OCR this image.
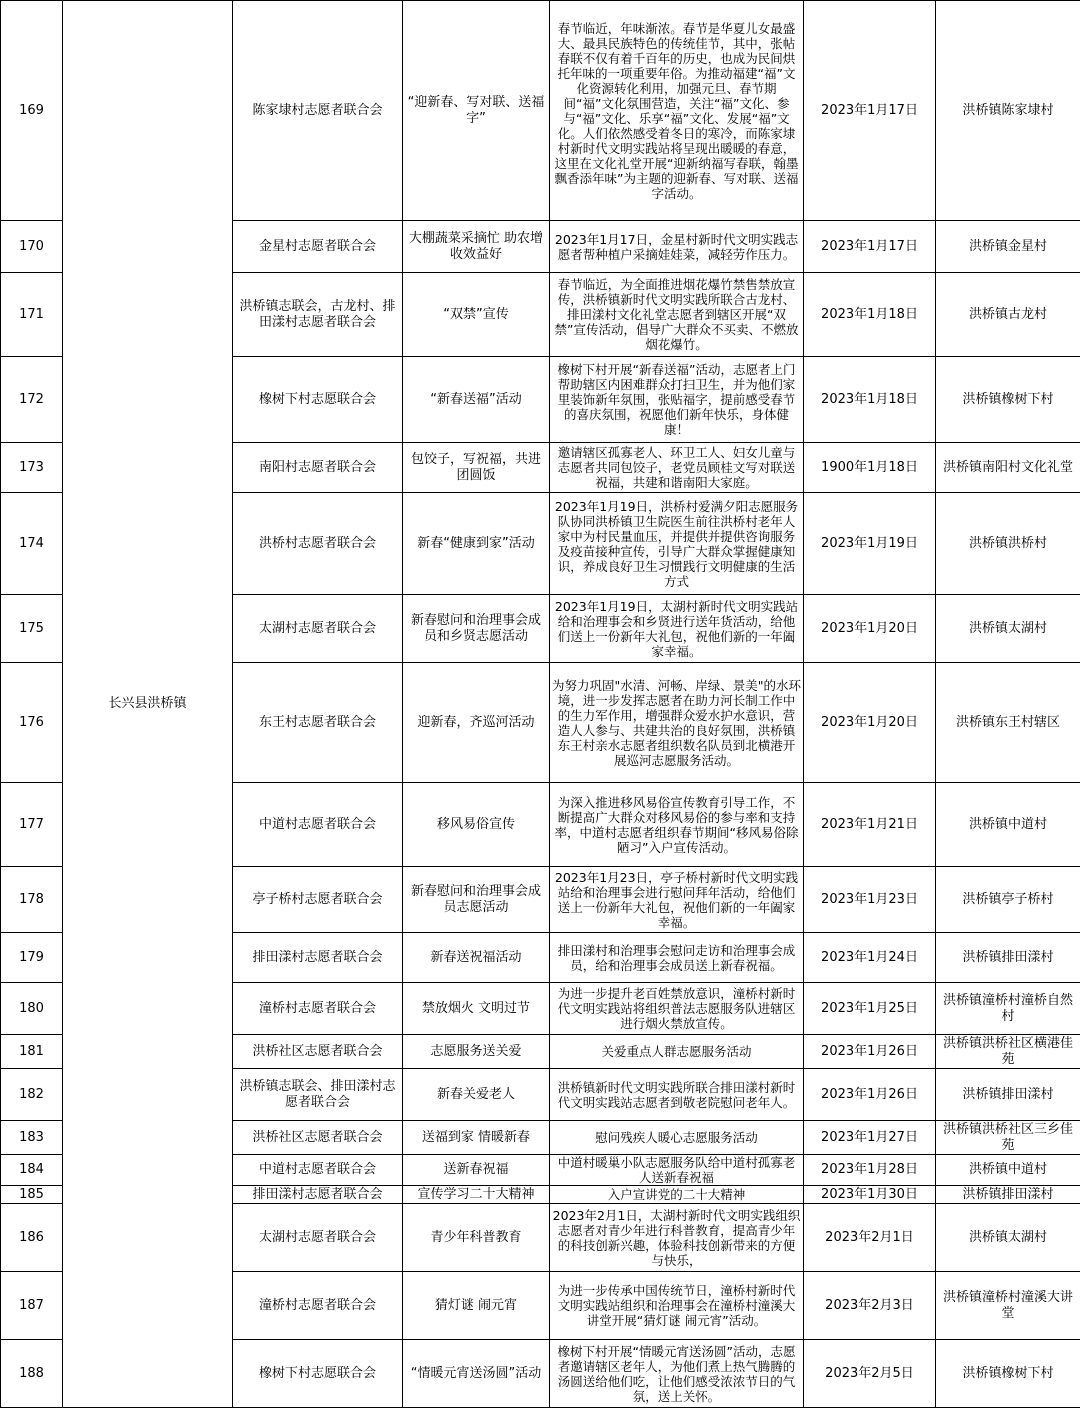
169	长兴县洪桥镇	陈家埭村志愿者联合会	“迎新春、写对联、送福字”	春节临近，年味渐浓。春节是华夏儿女最盛大、最具民族特色的传统佳节，其中，张帖春联不仅有着千百年的历史，也成为民间烘托年味的一项重要年俗。为推动福建“福”文化资源转化利用，加强元旦、春节期间“福”文化氛围营造，关注“福”文化、参与“福”文化、乐享“福”文化、发展“福”文化。人们依然感受着冬日的寒冷，而陈家埭村新时代文明实践站将呈现出暖暖的春意，这里在文化礼堂开展“迎新纳福写春联，翰墨飘香添年味”为主题的迎新春、写对联、送福字活动。	2023年1月17日	洪桥镇陈家埭村
170		金星村志愿者联合会	大棚蔬菜采摘忙 助农增收效益好	2023年1月17日，金星村新时代文明实践志愿者帮种植户采摘娃娃菜，减轻劳作压力。	2023年1月17日	洪桥镇金星村
171		洪桥镇志联会，古龙村、排田漾村志愿者联合会	“双禁”宣传	春节临近，为全面推进烟花爆竹禁售禁放宣传，洪桥镇新时代文明实践所联合古龙村、排田漾村文化礼堂志愿者到辖区开展“双禁”宣传活动，倡导广大群众不买卖、不燃放烟花爆竹。	2023年1月18日	洪桥镇古龙村
172		橡树下村志愿联合会	“新春送福”活动	橡树下村开展“新春送福”活动，志愿者上门帮助辖区内困难群众打扫卫生，并为他们家里装饰新年氛围，张贴福字，提前感受春节的喜庆氛围，祝愿他们新年快乐，身体健康！	2023年1月18日	洪桥镇橡树下村
173		南阳村志愿者联合会	包饺子，写祝福，共进团圆饭	邀请辖区孤寡老人、环卫工人、妇女儿童与志愿者共同包饺子，老党员顾桂文写对联送祝福，共建和谐南阳大家庭。	1900年1月18日	洪桥镇南阳村文化礼堂
174		洪桥村志愿者联合会	新春“健康到家”活动	2023年1月19日，洪桥村爱满夕阳志愿服务队协同洪桥镇卫生院医生前往洪桥村老年人家中为村民量血压，并提供并提供咨询服务及疫苗接种宣传，引导广大群众掌握健康知识，养成良好卫生习惯践行文明健康的生活方式	2023年1月19日	洪桥镇洪桥村
175		太湖村志愿者联合会	新春慰问和治理事会成员和乡贤志愿活动	2023年1月19日，太湖村新时代文明实践站给和治理事会和乡贤进行送年货活动，给他们送上一份新年大礼包，祝他们新的一年阖家幸福。	2023年1月20日	洪桥镇太湖村
176		东王村志愿者联合会	迎新春，齐巡河活动	为努力巩固"水清、河畅、岸绿、景美"的水环境，进一步发挥志愿者在助力河长制工作中的生力军作用，增强群众爱水护水意识，营造人人参与、共建共治的良好氛围，洪桥镇东王村亲水志愿者组织数名队员到北横港开展巡河志愿服务活动。	2023年1月20日	洪桥镇东王村辖区
177		中道村志愿者联合会	移风易俗宣传	为深入推进移风易俗宣传教育引导工作，不断提高广大群众对移风易俗的参与率和支持率，中道村志愿者组织春节期间“移风易俗除陋习”入户宣传活动。	2023年1月21日	洪桥镇中道村
178		亭子桥村志愿者联合会	新春慰问和治理事会成员志愿活动	2023年1月23日，亭子桥村新时代文明实践站给和治理事会进行慰问拜年活动，给他们送上一份新年大礼包，祝他们新的一年阖家幸福。	2023年1月23日	洪桥镇亭子桥村
179		排田漾村志愿者联合会	新春送祝福活动	排田漾村和治理事会慰问走访和治理事会成员，给和治理事会成员送上新春祝福。	2023年1月24日	洪桥镇排田漾村
180		潼桥村志愿者联合会	禁放烟火 文明过节	为进一步提升老百姓禁放意识，潼桥村新时代文明实践站将组织普法志愿服务队进辖区进行烟火禁放宣传。	2023年1月25日	洪桥镇潼桥村潼桥自然村
181		洪桥社区志愿者联合会	志愿服务送关爱	关爱重点人群志愿服务活动	2023年1月26日	洪桥镇洪桥社区横港佳苑
182		洪桥镇志联会、排田漾村志愿者联合会	新春关爱老人	洪桥镇新时代文明实践所联合排田漾村新时代文明实践站志愿者到敬老院慰问老年人。	2023年1月26日	洪桥镇排田漾村
183		洪桥社区志愿者联合会	送福到家 情暖新春	慰问残疾人暖心志愿服务活动	2023年1月27日	洪桥镇洪桥社区三乡佳苑
184		中道村志愿者联合会	送新春祝福	中道村暖巢小队志愿服务队给中道村孤寡老人送新春祝福	2023年1月28日	洪桥镇中道村
185		排田漾村志愿者联合会	宣传学习二十大精神	入户宣讲党的二十大精神	2023年1月30日	洪桥镇排田漾村
186		太湖村志愿者联合会	青少年科普教育	2023年2月1日，太湖村新时代文明实践组织志愿者对青少年进行科普教育，提高青少年的科技创新兴趣，体验科技创新带来的方便与快乐，	2023年2月1日	洪桥镇太湖村
187		潼桥村志愿者联合会	猜灯谜 闹元宵	为进一步传承中国传统节日，潼桥村新时代文明实践站组织和治理事会在潼桥村潼溪大讲堂开展“猜灯谜 闹元宵”活动。	2023年2月3日	洪桥镇潼桥村潼溪大讲堂
188		橡树下村志愿联合会	“情暖元宵送汤圆”活动	橡树下村开展“情暖元宵送汤圆”活动，志愿者邀请辖区老年人，为他们煮上热气腾腾的汤圆送给他们吃，让他们感受浓浓节日的气氛，送上关怀。	2023年2月5日	洪桥镇橡树下村
